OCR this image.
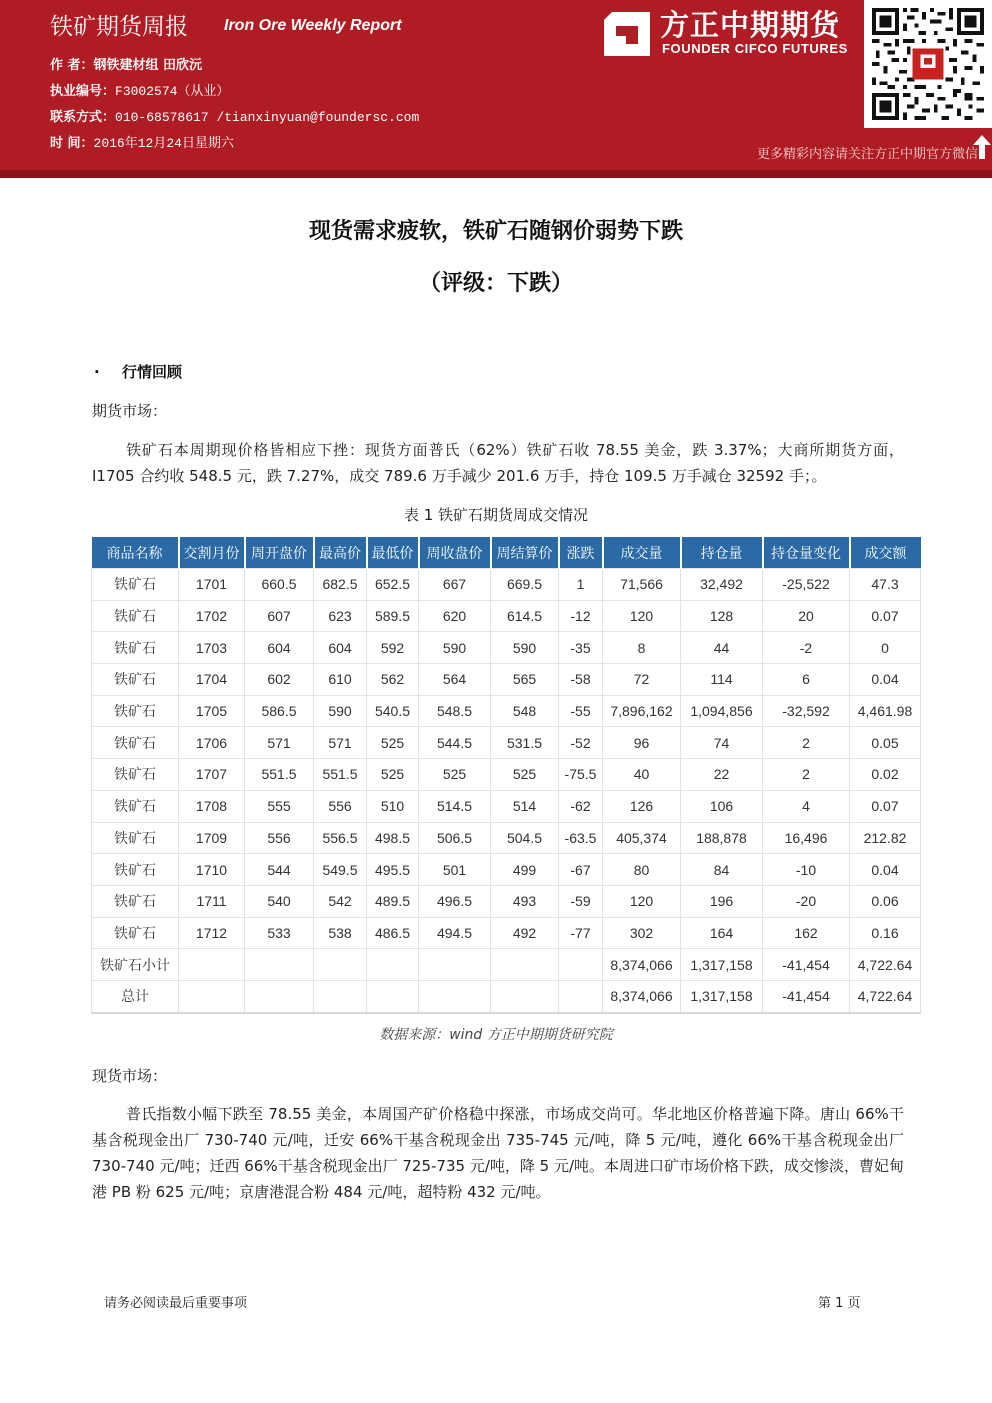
铁矿期货周报 Iron Ore Weekly Report
作 者：钢铁建材组 田欣沅
执业编号：F3002574（从业）
联系方式：010-68578617 /tianxinyuan@foundersc.com
时 间：2016年12月24日星期六
方正中期期货
FOUNDER CIFCO FUTURES
更多精彩内容请关注方正中期官方微信
现货需求疲软，铁矿石随钢价弱势下跌
（评级：下跌）
· 行情回顾
期货市场：
铁矿石本周期现价格皆相应下挫：现货方面普氏（62%）铁矿石收 78.55 美金，跌 3.37%；大商所期货方面，I1705 合约收 548.5 元，跌 7.27%，成交 789.6 万手减少 201.6 万手，持仓 109.5 万手减仓 32592 手；。
表 1 铁矿石期货周成交情况
商品名称	交割月份	周开盘价	最高价	最低价	周收盘价	周结算价	涨跌	成交量	持仓量	持仓量变化	成交额
铁矿石	1701	660.5	682.5	652.5	667	669.5	1	71,566	32,492	-25,522	47.3
铁矿石	1702	607	623	589.5	620	614.5	-12	120	128	20	0.07
铁矿石	1703	604	604	592	590	590	-35	8	44	-2	0
铁矿石	1704	602	610	562	564	565	-58	72	114	6	0.04
铁矿石	1705	586.5	590	540.5	548.5	548	-55	7,896,162	1,094,856	-32,592	4,461.98
铁矿石	1706	571	571	525	544.5	531.5	-52	96	74	2	0.05
铁矿石	1707	551.5	551.5	525	525	525	-75.5	40	22	2	0.02
铁矿石	1708	555	556	510	514.5	514	-62	126	106	4	0.07
铁矿石	1709	556	556.5	498.5	506.5	504.5	-63.5	405,374	188,878	16,496	212.82
铁矿石	1710	544	549.5	495.5	501	499	-67	80	84	-10	0.04
铁矿石	1711	540	542	489.5	496.5	493	-59	120	196	-20	0.06
铁矿石	1712	533	538	486.5	494.5	492	-77	302	164	162	0.16
铁矿石小计								8,374,066	1,317,158	-41,454	4,722.64
总计								8,374,066	1,317,158	-41,454	4,722.64
数据来源：wind 方正中期期货研究院
现货市场：
普氏指数小幅下跌至 78.55 美金，本周国产矿价格稳中探涨，市场成交尚可。华北地区价格普遍下降。唐山 66%干基含税现金出厂 730-740 元/吨，迁安 66%干基含税现金出 735-745 元/吨，降 5 元/吨，遵化 66%干基含税现金出厂 730-740 元/吨；迁西 66%干基含税现金出厂 725-735 元/吨，降 5 元/吨。本周进口矿市场价格下跌，成交惨淡，曹妃甸港 PB 粉 625 元/吨；京唐港混合粉 484 元/吨，超特粉 432 元/吨。
请务必阅读最后重要事项	第 1 页
